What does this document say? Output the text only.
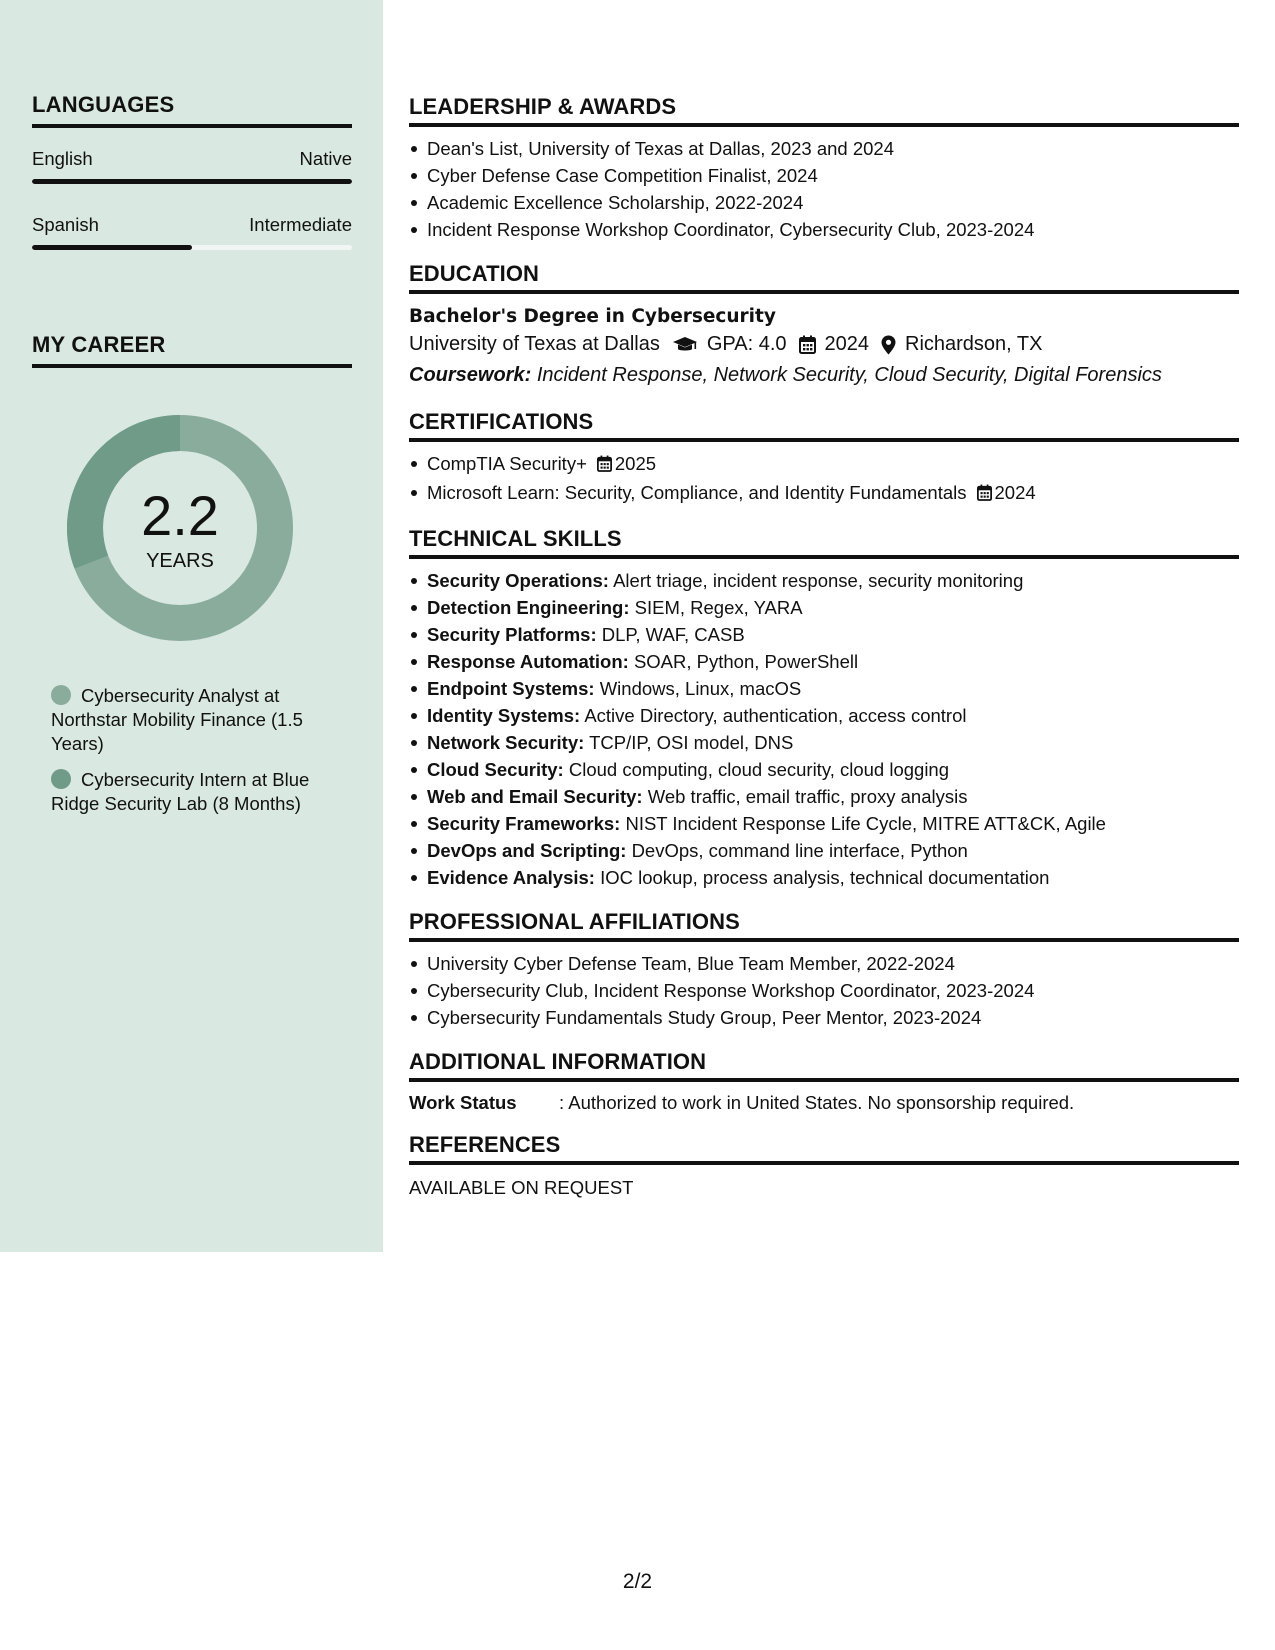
LANGUAGES
English	Native
Spanish	Intermediate
MY CAREER
2.2
YEARS
Cybersecurity Analyst at Northstar Mobility Finance (1.5 Years)
Cybersecurity Intern at Blue Ridge Security Lab (8 Months)
LEADERSHIP & AWARDS
Dean's List, University of Texas at Dallas, 2023 and 2024
Cyber Defense Case Competition Finalist, 2024
Academic Excellence Scholarship, 2022-2024
Incident Response Workshop Coordinator, Cybersecurity Club, 2023-2024
EDUCATION
Bachelor's Degree in Cybersecurity
University of Texas at Dallas GPA: 4.0 2024 Richardson, TX
Coursework: Incident Response, Network Security, Cloud Security, Digital Forensics
CERTIFICATIONS
CompTIA Security+ 2025
Microsoft Learn: Security, Compliance, and Identity Fundamentals 2024
TECHNICAL SKILLS
Security Operations: Alert triage, incident response, security monitoring
Detection Engineering: SIEM, Regex, YARA
Security Platforms: DLP, WAF, CASB
Response Automation: SOAR, Python, PowerShell
Endpoint Systems: Windows, Linux, macOS
Identity Systems: Active Directory, authentication, access control
Network Security: TCP/IP, OSI model, DNS
Cloud Security: Cloud computing, cloud security, cloud logging
Web and Email Security: Web traffic, email traffic, proxy analysis
Security Frameworks: NIST Incident Response Life Cycle, MITRE ATT&CK, Agile
DevOps and Scripting: DevOps, command line interface, Python
Evidence Analysis: IOC lookup, process analysis, technical documentation
PROFESSIONAL AFFILIATIONS
University Cyber Defense Team, Blue Team Member, 2022-2024
Cybersecurity Club, Incident Response Workshop Coordinator, 2023-2024
Cybersecurity Fundamentals Study Group, Peer Mentor, 2023-2024
ADDITIONAL INFORMATION
Work Status	: Authorized to work in United States. No sponsorship required.
REFERENCES
AVAILABLE ON REQUEST
2/2
